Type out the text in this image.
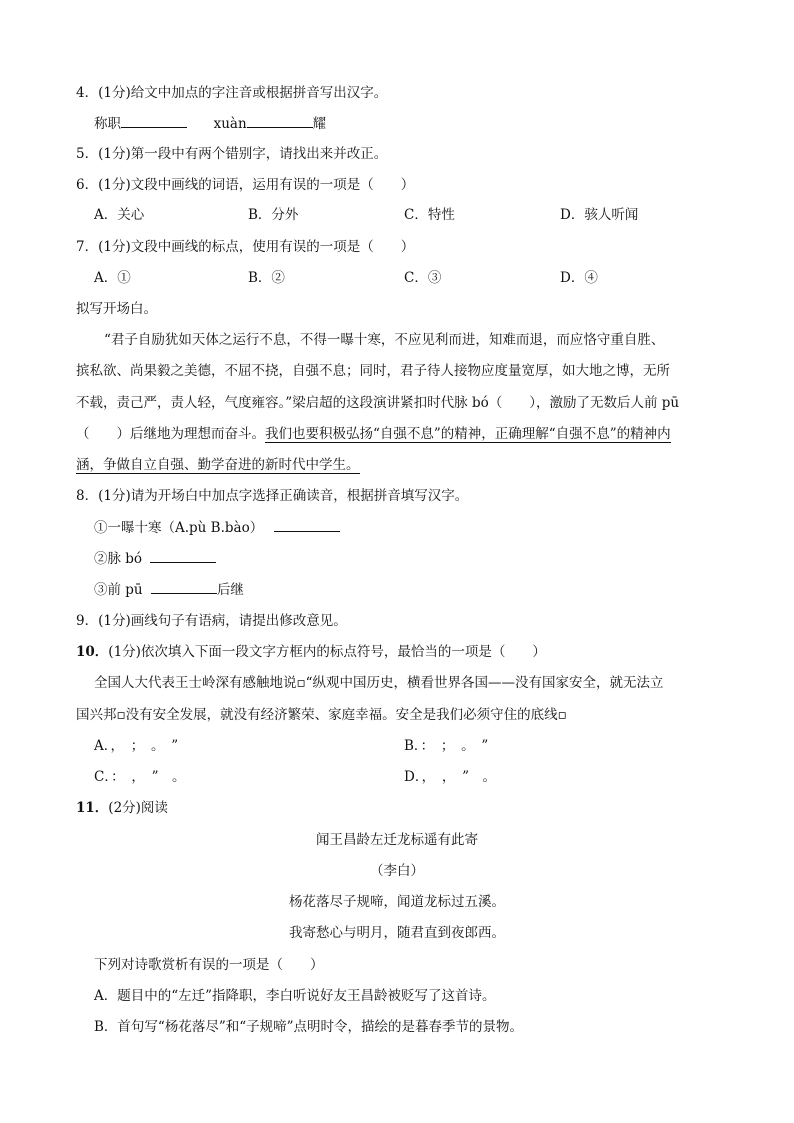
4．(1分)给文中加点的字注音或根据拼音写出汉字。
称职	xuàn	耀
5．(1分)第一段中有两个错别字，请找出来并改正。
6．(1分)文段中画线的词语，运用有误的一项是（　　）
A．关心	B．分外	C．特性	D．骇人听闻
7．(1分)文段中画线的标点，使用有误的一项是（　　）
A．①	B．②	C．③	D．④
拟写开场白。
“君子自励犹如天体之运行不息，不得一曝十寒，不应见利而进，知难而退，而应恪守重自胜、
摈私欲、尚果毅之美德，不屈不挠，自强不息；同时，君子待人接物应度量宽厚，如大地之博，无所
不载，责己严，责人轻，气度雍容。”梁启超的这段演讲紧扣时代脉 bó（　　），激励了无数后人前 pū
（　　）后继地为理想而奋斗。我们也要积极弘扬“自强不息”的精神，正确理解“自强不息”的精神内
涵，争做自立自强、勤学奋进的新时代中学生。
8．(1分)请为开场白中加点字选择正确读音，根据拼音填写汉字。
①一曝十寒（A.pù B.bào）
②脉 bó
③前 pū	后继
9．(1分)画线句子有语病，请提出修改意见。
10．(1分)依次填入下面一段文字方框内的标点符号，最恰当的一项是（　　）
全国人大代表王士岭深有感触地说▫“纵观中国历史，横看世界各国——没有国家安全，就无法立
国兴邦▫没有安全发展，就没有经济繁荣、家庭幸福。安全是我们必须守住的底线▫
A．，　；　。　”	B．：　；　。　”
C．：　，　”　。	D．，　，　”　。
11．(2分)阅读
闻王昌龄左迁龙标遥有此寄
（李白）
杨花落尽子规啼，闻道龙标过五溪。
我寄愁心与明月，随君直到夜郎西。
下列对诗歌赏析有误的一项是（　　）
A．题目中的“左迁”指降职，李白听说好友王昌龄被贬写了这首诗。
B．首句写“杨花落尽”和“子规啼”点明时令，描绘的是暮春季节的景物。
